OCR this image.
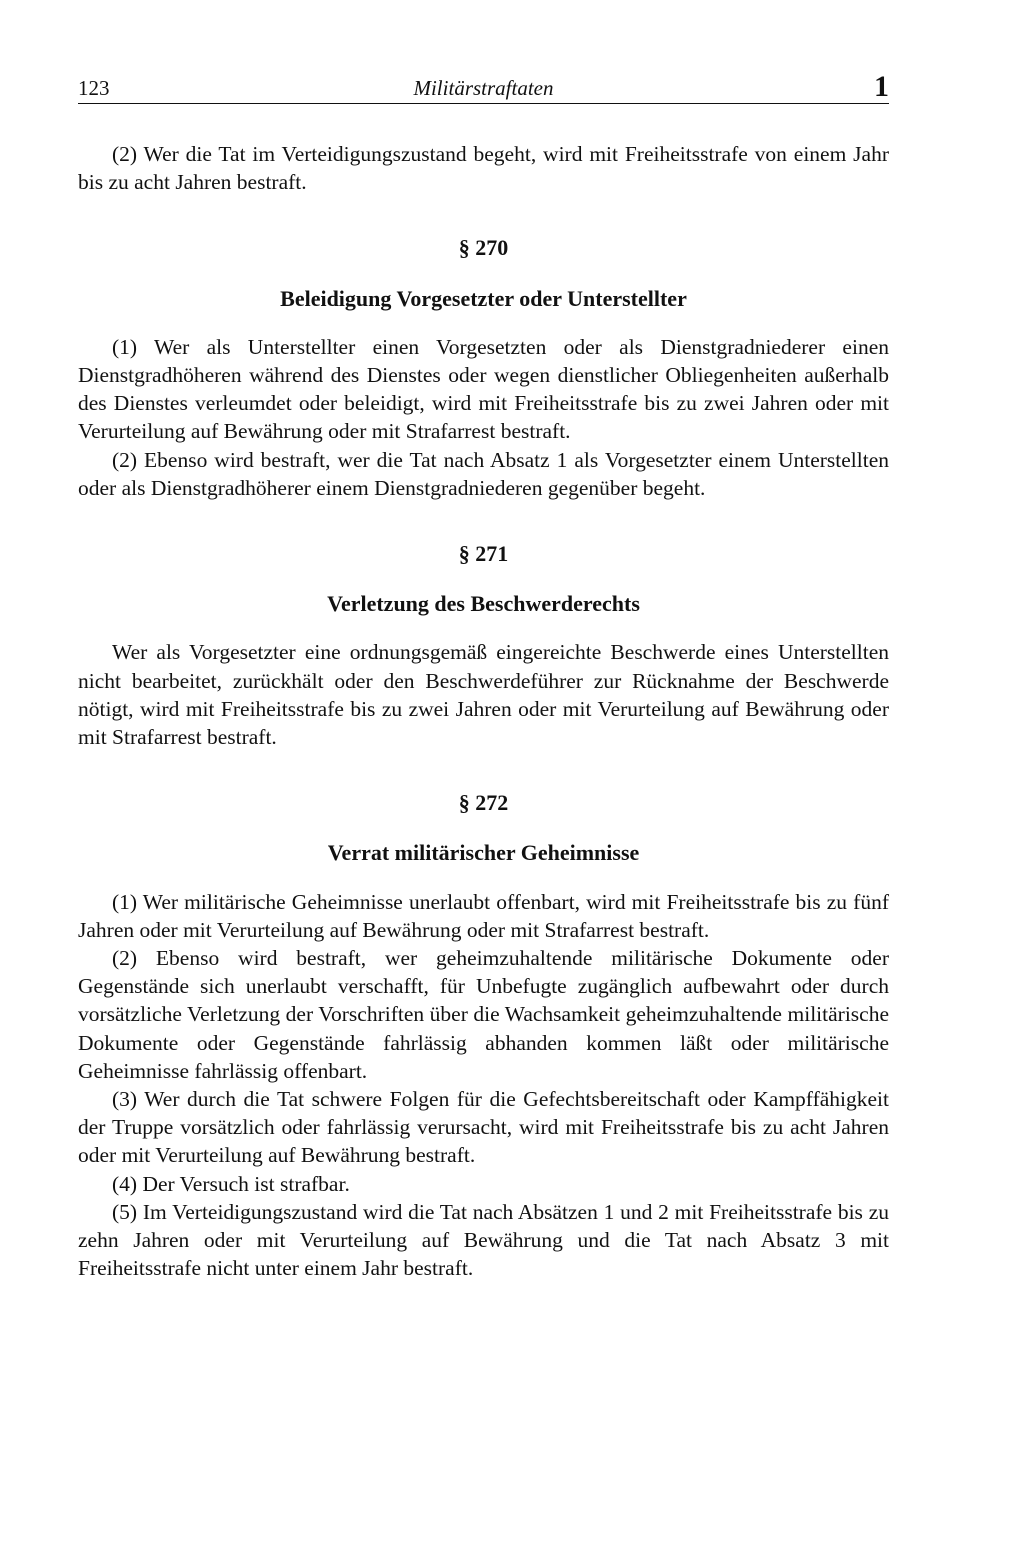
123	Militärstraftaten	1

(2) Wer die Tat im Verteidigungszustand begeht, wird mit Freiheitsstrafe von einem Jahr bis zu acht Jahren bestraft.

§ 270
Beleidigung Vorgesetzter oder Unterstellter

(1) Wer als Unterstellter einen Vorgesetzten oder als Dienstgradniederer einen Dienstgradhöheren während des Dienstes oder wegen dienstlicher Obliegenheiten außerhalb des Dienstes verleumdet oder beleidigt, wird mit Freiheitsstrafe bis zu zwei Jahren oder mit Verurteilung auf Bewährung oder mit Strafarrest bestraft.

(2) Ebenso wird bestraft, wer die Tat nach Absatz 1 als Vorgesetzter einem Unterstellten oder als Dienstgradhöherer einem Dienstgradniederen gegenüber begeht.

§ 271
Verletzung des Beschwerderechts

Wer als Vorgesetzter eine ordnungsgemäß eingereichte Beschwerde eines Unterstellten nicht bearbeitet, zurückhält oder den Beschwerdeführer zur Rücknahme der Beschwerde nötigt, wird mit Freiheitsstrafe bis zu zwei Jahren oder mit Verurteilung auf Bewährung oder mit Strafarrest bestraft.

§ 272
Verrat militärischer Geheimnisse

(1) Wer militärische Geheimnisse unerlaubt offenbart, wird mit Freiheitsstrafe bis zu fünf Jahren oder mit Verurteilung auf Bewährung oder mit Strafarrest bestraft.

(2) Ebenso wird bestraft, wer geheimzuhaltende militärische Dokumente oder Gegenstände sich unerlaubt verschafft, für Unbefugte zugänglich aufbewahrt oder durch vorsätzliche Verletzung der Vorschriften über die Wachsamkeit geheimzuhaltende militärische Dokumente oder Gegenstände fahrlässig abhanden kommen läßt oder militärische Geheimnisse fahrlässig offenbart.

(3) Wer durch die Tat schwere Folgen für die Gefechtsbereitschaft oder Kampffähigkeit der Truppe vorsätzlich oder fahrlässig verursacht, wird mit Freiheitsstrafe bis zu acht Jahren oder mit Verurteilung auf Bewährung bestraft.

(4) Der Versuch ist strafbar.

(5) Im Verteidigungszustand wird die Tat nach Absätzen 1 und 2 mit Freiheitsstrafe bis zu zehn Jahren oder mit Verurteilung auf Bewährung und die Tat nach Absatz 3 mit Freiheitsstrafe nicht unter einem Jahr bestraft.
